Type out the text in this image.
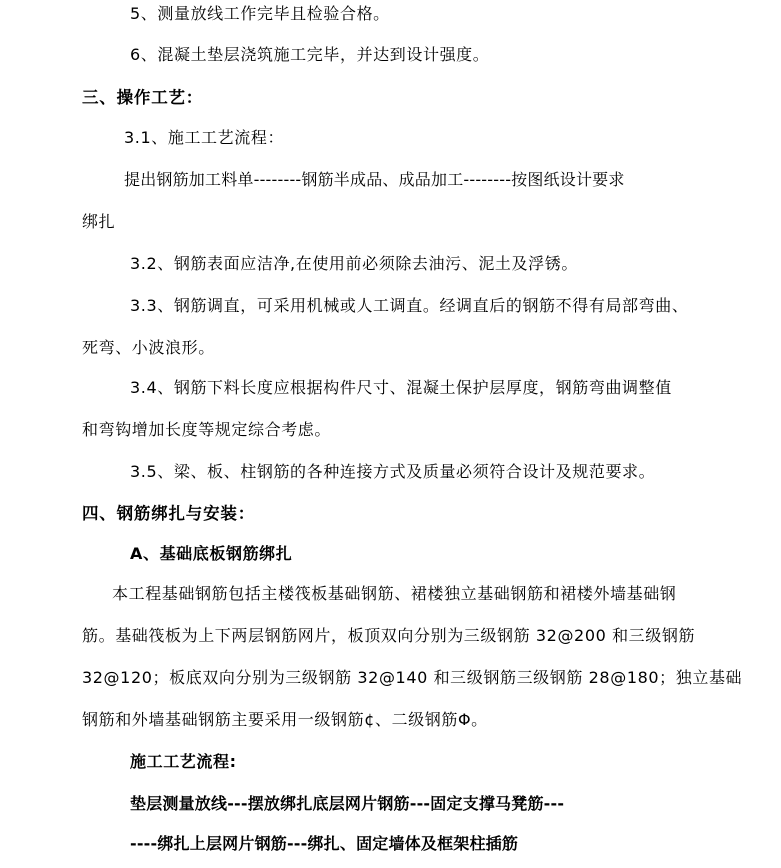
5、测量放线工作完毕且检验合格。
6、混凝土垫层浇筑施工完毕，并达到设计强度。
三、操作工艺：
3.1、施工工艺流程：
提出钢筋加工料单--------钢筋半成品、成品加工--------按图纸设计要求
绑扎
3.2、钢筋表面应洁净,在使用前必须除去油污、泥土及浮锈。
3.3、钢筋调直，可采用机械或人工调直。经调直后的钢筋不得有局部弯曲、
死弯、小波浪形。
3.4、钢筋下料长度应根据构件尺寸、混凝土保护层厚度，钢筋弯曲调整值
和弯钩增加长度等规定综合考虑。
3.5、梁、板、柱钢筋的各种连接方式及质量必须符合设计及规范要求。
四、钢筋绑扎与安装：
A、基础底板钢筋绑扎
本工程基础钢筋包括主楼筏板基础钢筋、裙楼独立基础钢筋和裙楼外墙基础钢
筋。基础筏板为上下两层钢筋网片，板顶双向分别为三级钢筋 32@200 和三级钢筋
32@120；板底双向分别为三级钢筋 32@140 和三级钢筋三级钢筋 28@180；独立基础
钢筋和外墙基础钢筋主要采用一级钢筋¢、二级钢筋Φ。
施工工艺流程:
垫层测量放线---摆放绑扎底层网片钢筋---固定支撑马凳筋---
----绑扎上层网片钢筋---绑扎、固定墙体及框架柱插筋
